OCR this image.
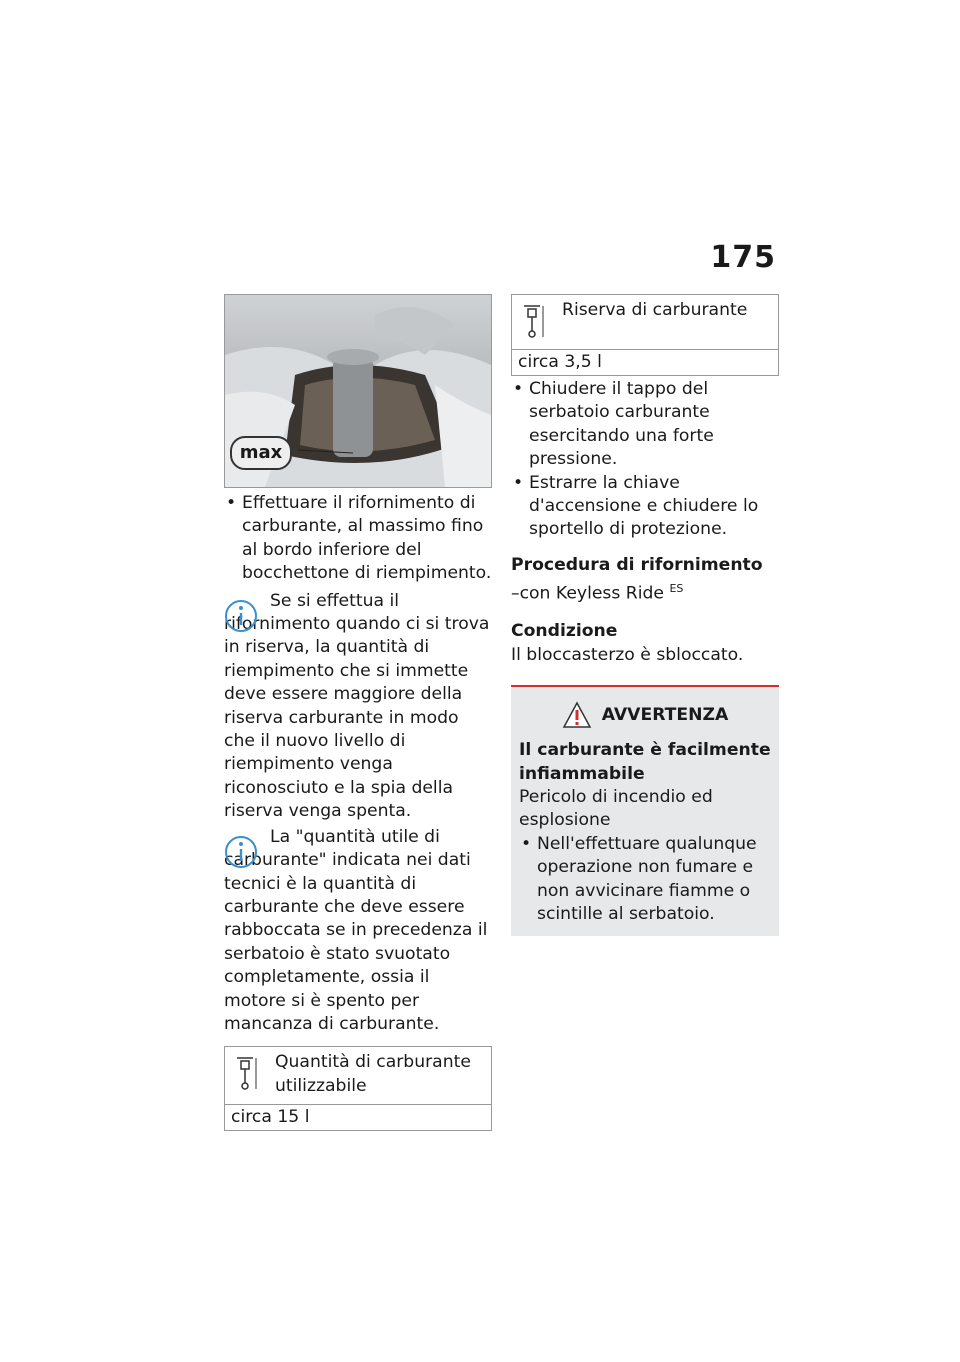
175
max
• Effettuare il rifornimento di carburante, al massimo fino al bordo inferiore del bocchettone di riempimento.
Se si effettua il rifornimento quando ci si trova in riserva, la quantità di riempimento che si immette deve essere maggiore della riserva carburante in modo che il nuovo livello di riempimento venga riconosciuto e la spia della riserva venga spenta.
La "quantità utile di carburante" indicata nei dati tecnici è la quantità di carburante che deve essere rabboccata se in precedenza il serbatoio è stato svuotato completamente, ossia il motore si è spento per mancanza di carburante.
Quantità di carburante utilizzabile
circa 15 l
Riserva di carburante
circa 3,5 l
• Chiudere il tappo del serbatoio carburante esercitando una forte pressione.
• Estrarre la chiave d'accensione e chiudere lo sportello di protezione.
Procedura di rifornimento

–con Keyless Ride $^{ES}$

Condizione

Il bloccasterzo è sbloccato.

AVVERTENZA
Il carburante è facilmente infiammabile

Pericolo di incendio ed esplosione

• Nell'effettuare qualunque operazione non fumare e non avvicinare fiamme o scintille al serbatoio.
